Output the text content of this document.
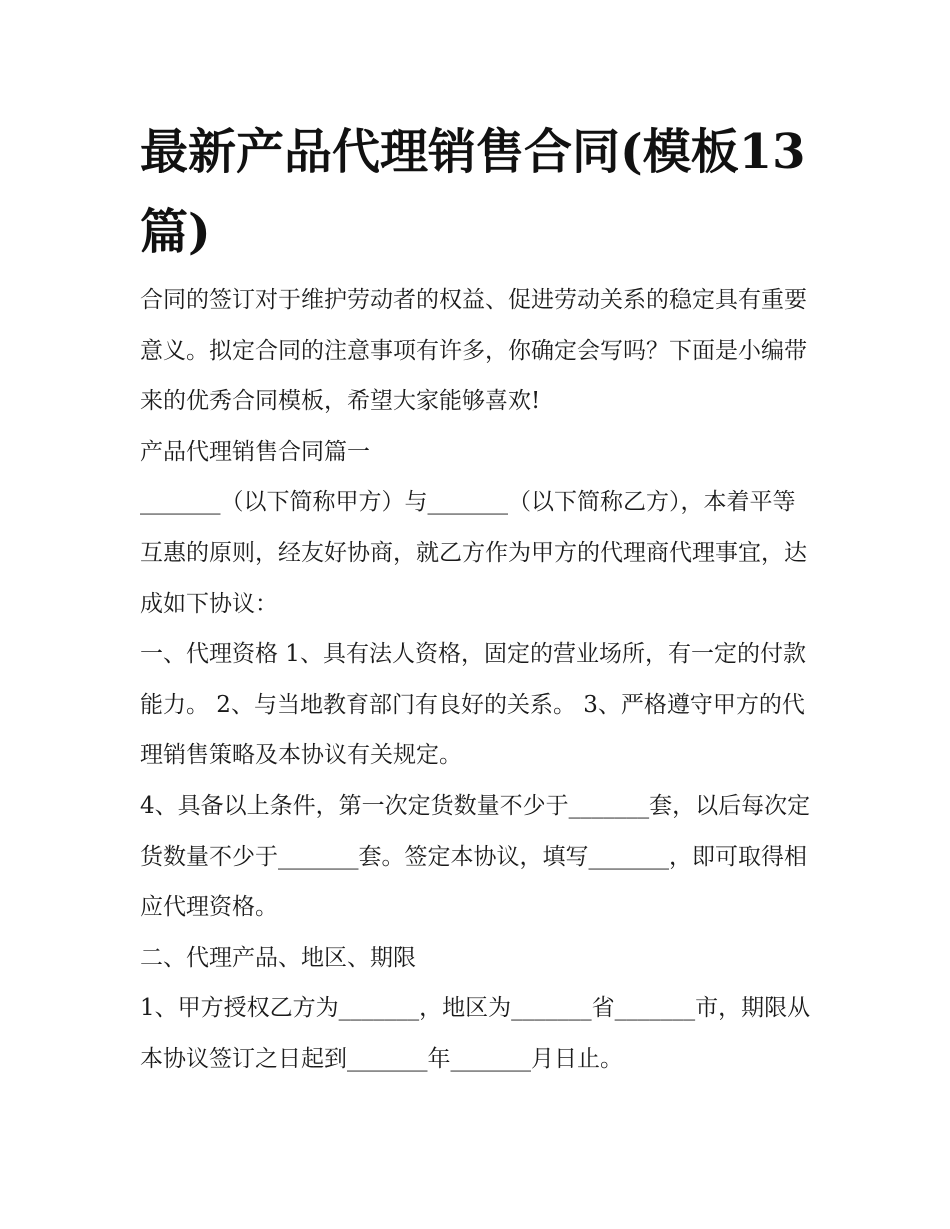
最新产品代理销售合同(模板13篇)

合同的签订对于维护劳动者的权益、促进劳动关系的稳定具有重要意义。拟定合同的注意事项有许多，你确定会写吗？下面是小编带来的优秀合同模板，希望大家能够喜欢!

产品代理销售合同篇一

_______（以下简称甲方）与_______（以下简称乙方），本着平等互惠的原则，经友好协商，就乙方作为甲方的代理商代理事宜，达成如下协议：

一、代理资格 1、具有法人资格，固定的营业场所，有一定的付款能力。 2、与当地教育部门有良好的关系。 3、严格遵守甲方的代理销售策略及本协议有关规定。

4、具备以上条件，第一次定货数量不少于_______套，以后每次定货数量不少于_______套。签定本协议，填写_______，即可取得相应代理资格。

二、代理产品、地区、期限

1、甲方授权乙方为_______，地区为_______省_______市，期限从本协议签订之日起到_______年_______月日止。
